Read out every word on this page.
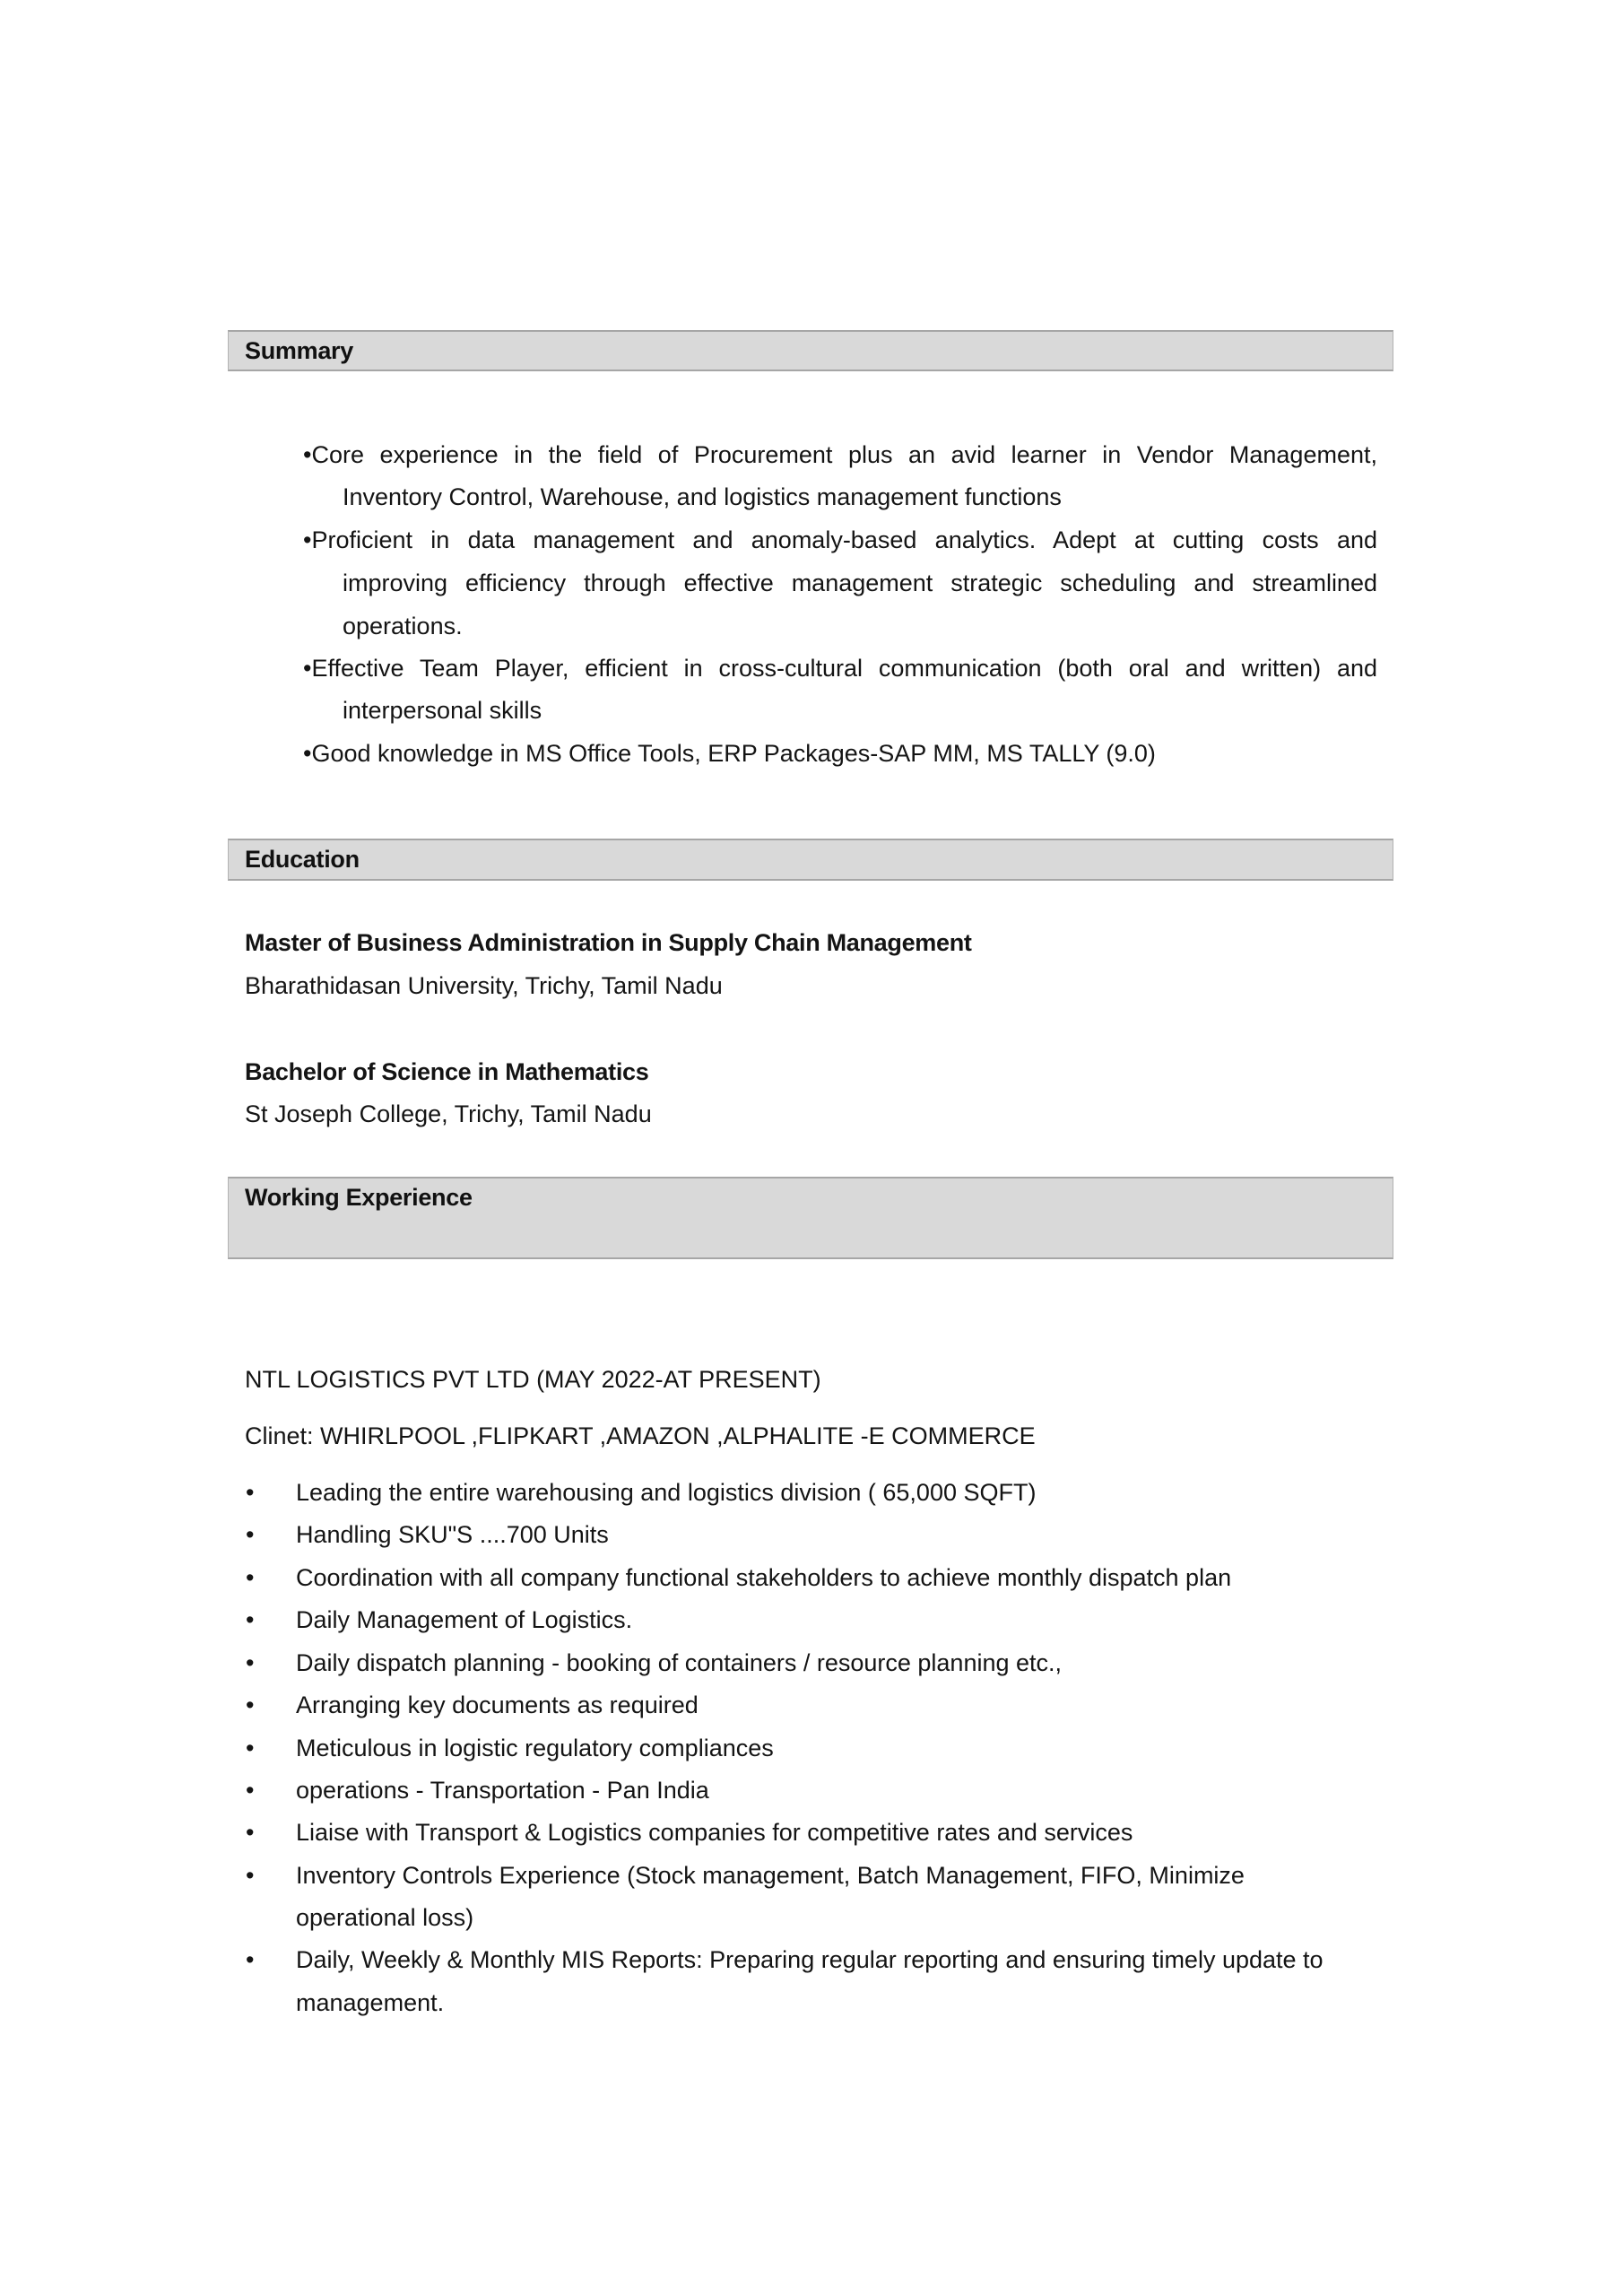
Summary
•Core experience in the field of Procurement plus an avid learner in Vendor Management,
Inventory Control, Warehouse, and logistics management functions
•Proficient in data management and anomaly-based analytics. Adept at cutting costs and
improving efficiency through effective management strategic scheduling and streamlined
operations.
•Effective Team Player, efficient in cross-cultural communication (both oral and written) and
interpersonal skills
•Good knowledge in MS Office Tools, ERP Packages-SAP MM, MS TALLY (9.0)
Education
Master of Business Administration in Supply Chain Management
Bharathidasan University, Trichy, Tamil Nadu
Bachelor of Science in Mathematics
St Joseph College, Trichy, Tamil Nadu
Working Experience
NTL LOGISTICS PVT LTD (MAY 2022-AT PRESENT)
Clinet: WHIRLPOOL ,FLIPKART ,AMAZON ,ALPHALITE -E COMMERCE
• Leading the entire warehousing and logistics division ( 65,000 SQFT)
• Handling SKU"S ....700 Units
• Coordination with all company functional stakeholders to achieve monthly dispatch plan
• Daily Management of Logistics.
• Daily dispatch planning - booking of containers / resource planning etc.,
• Arranging key documents as required
• Meticulous in logistic regulatory compliances
• operations - Transportation - Pan India
• Liaise with Transport & Logistics companies for competitive rates and services
• Inventory Controls Experience (Stock management, Batch Management, FIFO, Minimize
operational loss)
• Daily, Weekly & Monthly MIS Reports: Preparing regular reporting and ensuring timely update to
management.
